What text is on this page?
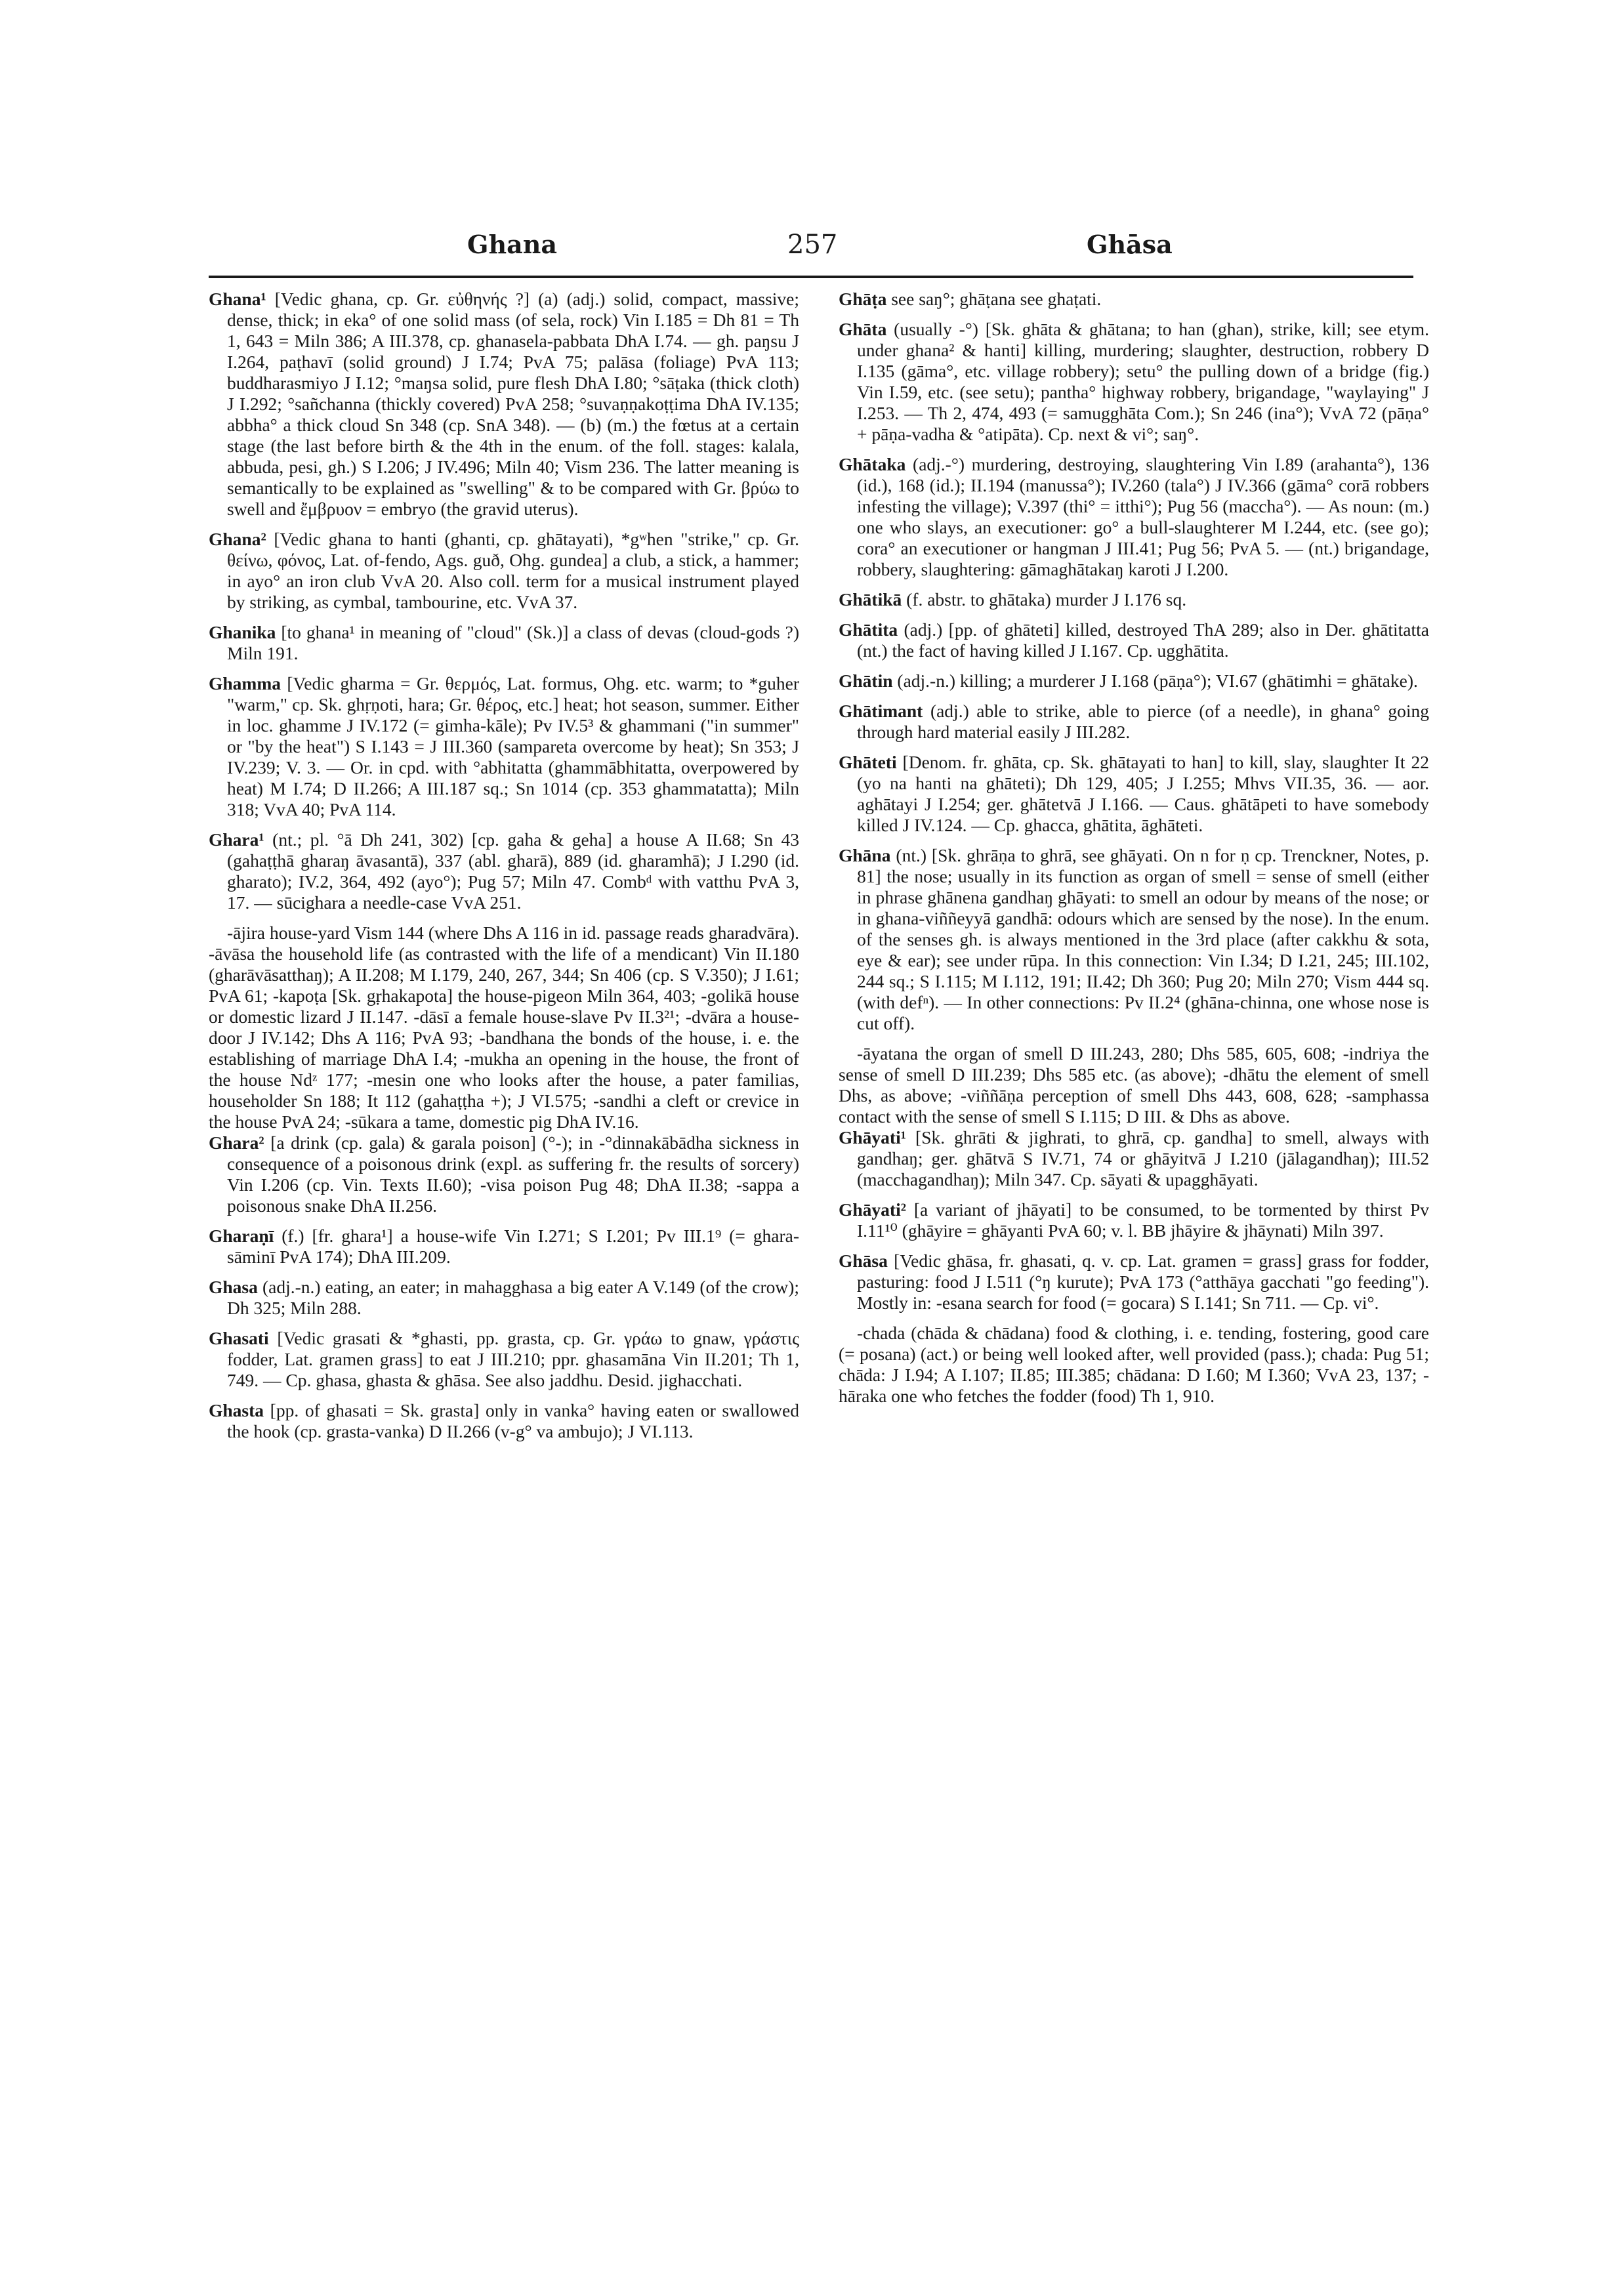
Ghana	257	Ghāsa

Ghana¹ [Vedic ghana, cp. Gr. εὐθηνής ?] (a) (adj.) solid, compact, massive; dense, thick; in eka° of one solid mass (of sela, rock) Vin I.185 = Dh 81 = Th 1, 643 = Miln 386; A III.378, cp. ghanasela-pabbata DhA I.74. — gh. paŋsu J I.264, paṭhavī (solid ground) J I.74; PvA 75; palāsa (foliage) PvA 113; buddharasmiyo J I.12; °maŋsa solid, pure flesh DhA I.80; °sāṭaka (thick cloth) J I.292; °sañchanna (thickly covered) PvA 258; °suvaṇṇakoṭṭima DhA IV.135; abbha° a thick cloud Sn 348 (cp. SnA 348). — (b) (m.) the fœtus at a certain stage (the last before birth & the 4th in the enum. of the foll. stages: kalala, abbuda, pesi, gh.) S I.206; J IV.496; Miln 40; Vism 236. The latter meaning is semantically to be explained as "swelling" & to be compared with Gr. βρύω to swell and ἔμβρυον = embryo (the gravid uterus).

Ghana² [Vedic ghana to hanti (ghanti, cp. ghātayati), *gʷhen "strike," cp. Gr. θείνω, φόνος, Lat. of-fendo, Ags. guð, Ohg. gundea] a club, a stick, a hammer; in ayo° an iron club VvA 20. Also coll. term for a musical instrument played by striking, as cymbal, tambourine, etc. VvA 37.

Ghanika [to ghana¹ in meaning of "cloud" (Sk.)] a class of devas (cloud-gods ?) Miln 191.

Ghamma [Vedic gharma = Gr. θερμός, Lat. formus, Ohg. etc. warm; to *guher "warm," cp. Sk. ghṛṇoti, hara; Gr. θέρος, etc.] heat; hot season, summer. Either in loc. ghamme J IV.172 (= gimha-kāle); Pv IV.5³ & ghammani ("in summer" or "by the heat") S I.143 = J III.360 (sampareta overcome by heat); Sn 353; J IV.239; V. 3. — Or. in cpd. with °abhitatta (ghammābhitatta, overpowered by heat) M I.74; D II.266; A III.187 sq.; Sn 1014 (cp. 353 ghammatatta); Miln 318; VvA 40; PvA 114.

Ghara¹ (nt.; pl. °ā Dh 241, 302) [cp. gaha & geha] a house A II.68; Sn 43 (gahaṭṭhā gharaŋ āvasantā), 337 (abl. gharā), 889 (id. gharamhā); J I.290 (id. gharato); IV.2, 364, 492 (ayo°); Pug 57; Miln 47. Combᵈ with vatthu PvA 3, 17. — sūcighara a needle-case VvA 251.

-ājira house-yard Vism 144 (where Dhs A 116 in id. passage reads gharadvāra). -āvāsa the household life (as contrasted with the life of a mendicant) Vin II.180 (gharāvāsatthaŋ); A II.208; M I.179, 240, 267, 344; Sn 406 (cp. S V.350); J I.61; PvA 61; -kapoṭa [Sk. gṛhakapota] the house-pigeon Miln 364, 403; -golikā house or domestic lizard J II.147. -dāsī a female house-slave Pv II.3²¹; -dvāra a house-door J IV.142; Dhs A 116; PvA 93; -bandhana the bonds of the house, i. e. the establishing of marriage DhA I.4; -mukha an opening in the house, the front of the house Ndᶻ 177; -mesin one who looks after the house, a pater familias, householder Sn 188; It 112 (gahaṭṭha +); J VI.575; -sandhi a cleft or crevice in the house PvA 24; -sūkara a tame, domestic pig DhA IV.16.

Ghara² [a drink (cp. gala) & garala poison] (°-); in -°dinnakābādha sickness in consequence of a poisonous drink (expl. as suffering fr. the results of sorcery) Vin I.206 (cp. Vin. Texts II.60); -visa poison Pug 48; DhA II.38; -sappa a poisonous snake DhA II.256.

Gharaṇī (f.) [fr. ghara¹] a house-wife Vin I.271; S I.201; Pv III.1⁹ (= ghara-sāminī PvA 174); DhA III.209.

Ghasa (adj.-n.) eating, an eater; in mahagghasa a big eater A V.149 (of the crow); Dh 325; Miln 288.

Ghasati [Vedic grasati & *ghasti, pp. grasta, cp. Gr. γράω to gnaw, γράστις fodder, Lat. gramen grass] to eat J III.210; ppr. ghasamāna Vin II.201; Th 1, 749. — Cp. ghasa, ghasta & ghāsa. See also jaddhu. Desid. jighacchati.

Ghasta [pp. of ghasati = Sk. grasta] only in vanka° having eaten or swallowed the hook (cp. grasta-vanka) D II.266 (v-g° va ambujo); J VI.113.

Ghāṭa see saŋ°; ghāṭana see ghaṭati.

Ghāta (usually -°) [Sk. ghāta & ghātana; to han (ghan), strike, kill; see etym. under ghana² & hanti] killing, murdering; slaughter, destruction, robbery D I.135 (gāma°, etc. village robbery); setu° the pulling down of a bridge (fig.) Vin I.59, etc. (see setu); pantha° highway robbery, brigandage, "waylaying" J I.253. — Th 2, 474, 493 (= samugghāta Com.); Sn 246 (ina°); VvA 72 (pāṇa° + pāṇa-vadha & °atipāta). Cp. next & vi°; saŋ°.

Ghātaka (adj.-°) murdering, destroying, slaughtering Vin I.89 (arahanta°), 136 (id.), 168 (id.); II.194 (manussa°); IV.260 (tala°) J IV.366 (gāma° corā robbers infesting the village); V.397 (thi° = itthi°); Pug 56 (maccha°). — As noun: (m.) one who slays, an executioner: go° a bull-slaughterer M I.244, etc. (see go); cora° an executioner or hangman J III.41; Pug 56; PvA 5. — (nt.) brigandage, robbery, slaughtering: gāmaghātakaŋ karoti J I.200.

Ghātikā (f. abstr. to ghātaka) murder J I.176 sq.

Ghātita (adj.) [pp. of ghāteti] killed, destroyed ThA 289; also in Der. ghātitatta (nt.) the fact of having killed J I.167. Cp. ugghātita.

Ghātin (adj.-n.) killing; a murderer J I.168 (pāṇa°); VI.67 (ghātimhi = ghātake).

Ghātimant (adj.) able to strike, able to pierce (of a needle), in ghana° going through hard material easily J III.282.

Ghāteti [Denom. fr. ghāta, cp. Sk. ghātayati to han] to kill, slay, slaughter It 22 (yo na hanti na ghāteti); Dh 129, 405; J I.255; Mhvs VII.35, 36. — aor. aghātayi J I.254; ger. ghātetvā J I.166. — Caus. ghātāpeti to have somebody killed J IV.124. — Cp. ghacca, ghātita, āghāteti.

Ghāna (nt.) [Sk. ghrāṇa to ghrā, see ghāyati. On n for ṇ cp. Trenckner, Notes, p. 81] the nose; usually in its function as organ of smell = sense of smell (either in phrase ghānena gandhaŋ ghāyati: to smell an odour by means of the nose; or in ghana-viññeyyā gandhā: odours which are sensed by the nose). In the enum. of the senses gh. is always mentioned in the 3rd place (after cakkhu & sota, eye & ear); see under rūpa. In this connection: Vin I.34; D I.21, 245; III.102, 244 sq.; S I.115; M I.112, 191; II.42; Dh 360; Pug 20; Miln 270; Vism 444 sq. (with defⁿ). — In other connections: Pv II.2⁴ (ghāna-chinna, one whose nose is cut off).

-āyatana the organ of smell D III.243, 280; Dhs 585, 605, 608; -indriya the sense of smell D III.239; Dhs 585 etc. (as above); -dhātu the element of smell Dhs, as above; -viññāṇa perception of smell Dhs 443, 608, 628; -samphassa contact with the sense of smell S I.115; D III. & Dhs as above.

Ghāyati¹ [Sk. ghrāti & jighrati, to ghrā, cp. gandha] to smell, always with gandhaŋ; ger. ghātvā S IV.71, 74 or ghāyitvā J I.210 (jālagandhaŋ); III.52 (macchagandhaŋ); Miln 347. Cp. sāyati & upagghāyati.

Ghāyati² [a variant of jhāyati] to be consumed, to be tormented by thirst Pv I.11¹⁰ (ghāyire = ghāyanti PvA 60; v. l. BB jhāyire & jhāynati) Miln 397.

Ghāsa [Vedic ghāsa, fr. ghasati, q. v. cp. Lat. gramen = grass] grass for fodder, pasturing: food J I.511 (°ŋ kurute); PvA 173 (°atthāya gacchati "go feeding"). Mostly in: -esana search for food (= gocara) S I.141; Sn 711. — Cp. vi°.

-chada (chāda & chādana) food & clothing, i. e. tending, fostering, good care (= posana) (act.) or being well looked after, well provided (pass.); chada: Pug 51; chāda: J I.94; A I.107; II.85; III.385; chādana: D I.60; M I.360; VvA 23, 137; -hāraka one who fetches the fodder (food) Th 1, 910.
